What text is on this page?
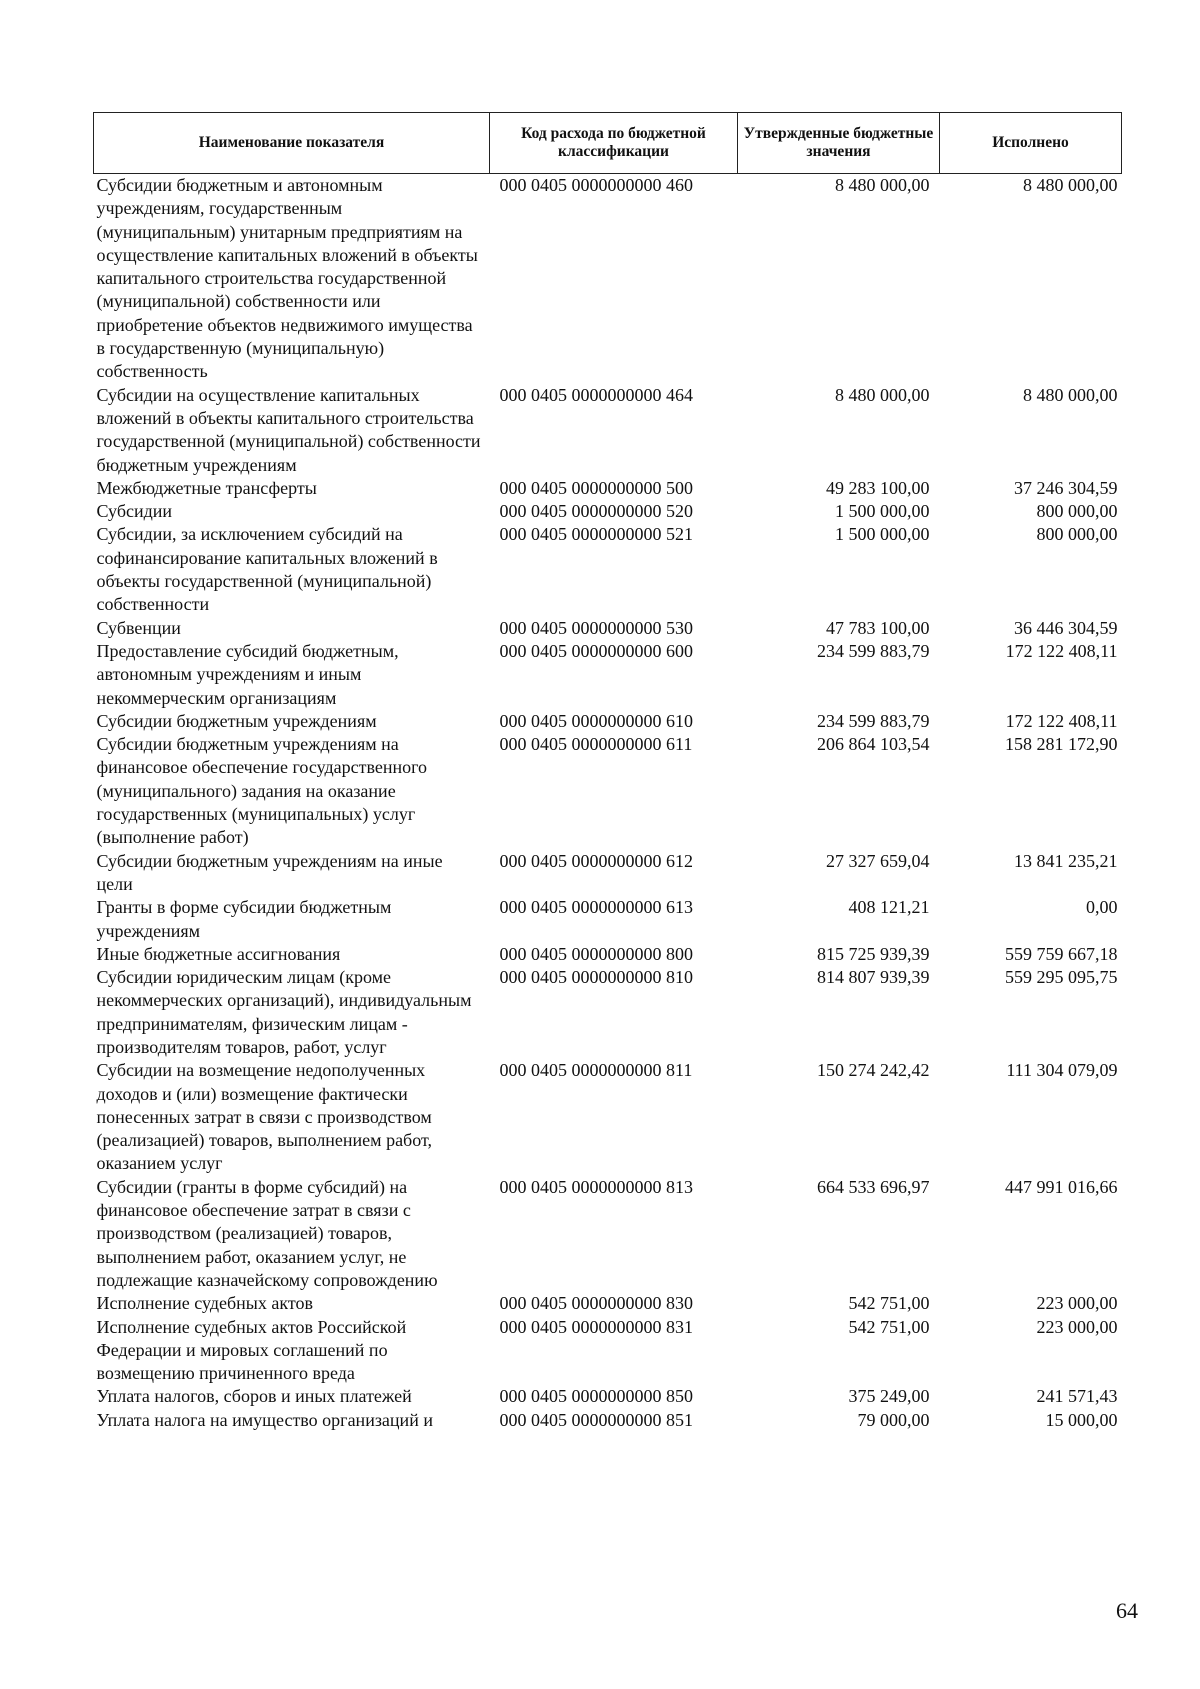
Наименование показателя	Код расхода по бюджетной классификации	Утвержденные бюджетные значения	Исполнено
Субсидии бюджетным и автономным учреждениям, государственным (муниципальным) унитарным предприятиям на осуществление капитальных вложений в объекты капитального строительства государственной (муниципальной) собственности или приобретение объектов недвижимого имущества в государственную (муниципальную) собственность	000 0405 0000000000 460	8 480 000,00	8 480 000,00
Субсидии на осуществление капитальных вложений в объекты капитального строительства государственной (муниципальной) собственности бюджетным учреждениям	000 0405 0000000000 464	8 480 000,00	8 480 000,00
Межбюджетные трансферты	000 0405 0000000000 500	49 283 100,00	37 246 304,59
Субсидии	000 0405 0000000000 520	1 500 000,00	800 000,00
Субсидии, за исключением субсидий на софинансирование капитальных вложений в объекты государственной (муниципальной) собственности	000 0405 0000000000 521	1 500 000,00	800 000,00
Субвенции	000 0405 0000000000 530	47 783 100,00	36 446 304,59
Предоставление субсидий бюджетным, автономным учреждениям и иным некоммерческим организациям	000 0405 0000000000 600	234 599 883,79	172 122 408,11
Субсидии бюджетным учреждениям	000 0405 0000000000 610	234 599 883,79	172 122 408,11
Субсидии бюджетным учреждениям на финансовое обеспечение государственного (муниципального) задания на оказание государственных (муниципальных) услуг (выполнение работ)	000 0405 0000000000 611	206 864 103,54	158 281 172,90
Субсидии бюджетным учреждениям на иные цели	000 0405 0000000000 612	27 327 659,04	13 841 235,21
Гранты в форме субсидии бюджетным учреждениям	000 0405 0000000000 613	408 121,21	0,00
Иные бюджетные ассигнования	000 0405 0000000000 800	815 725 939,39	559 759 667,18
Субсидии юридическим лицам (кроме некоммерческих организаций), индивидуальным предпринимателям, физическим лицам - производителям товаров, работ, услуг	000 0405 0000000000 810	814 807 939,39	559 295 095,75
Субсидии на возмещение недополученных доходов и (или) возмещение фактически понесенных затрат в связи с производством (реализацией) товаров, выполнением работ, оказанием услуг	000 0405 0000000000 811	150 274 242,42	111 304 079,09
Субсидии (гранты в форме субсидий) на финансовое обеспечение затрат в связи с производством (реализацией) товаров, выполнением работ, оказанием услуг, не подлежащие казначейскому сопровождению	000 0405 0000000000 813	664 533 696,97	447 991 016,66
Исполнение судебных актов	000 0405 0000000000 830	542 751,00	223 000,00
Исполнение судебных актов Российской Федерации и мировых соглашений по возмещению причиненного вреда	000 0405 0000000000 831	542 751,00	223 000,00
Уплата налогов, сборов и иных платежей	000 0405 0000000000 850	375 249,00	241 571,43
Уплата налога на имущество организаций и	000 0405 0000000000 851	79 000,00	15 000,00
64
